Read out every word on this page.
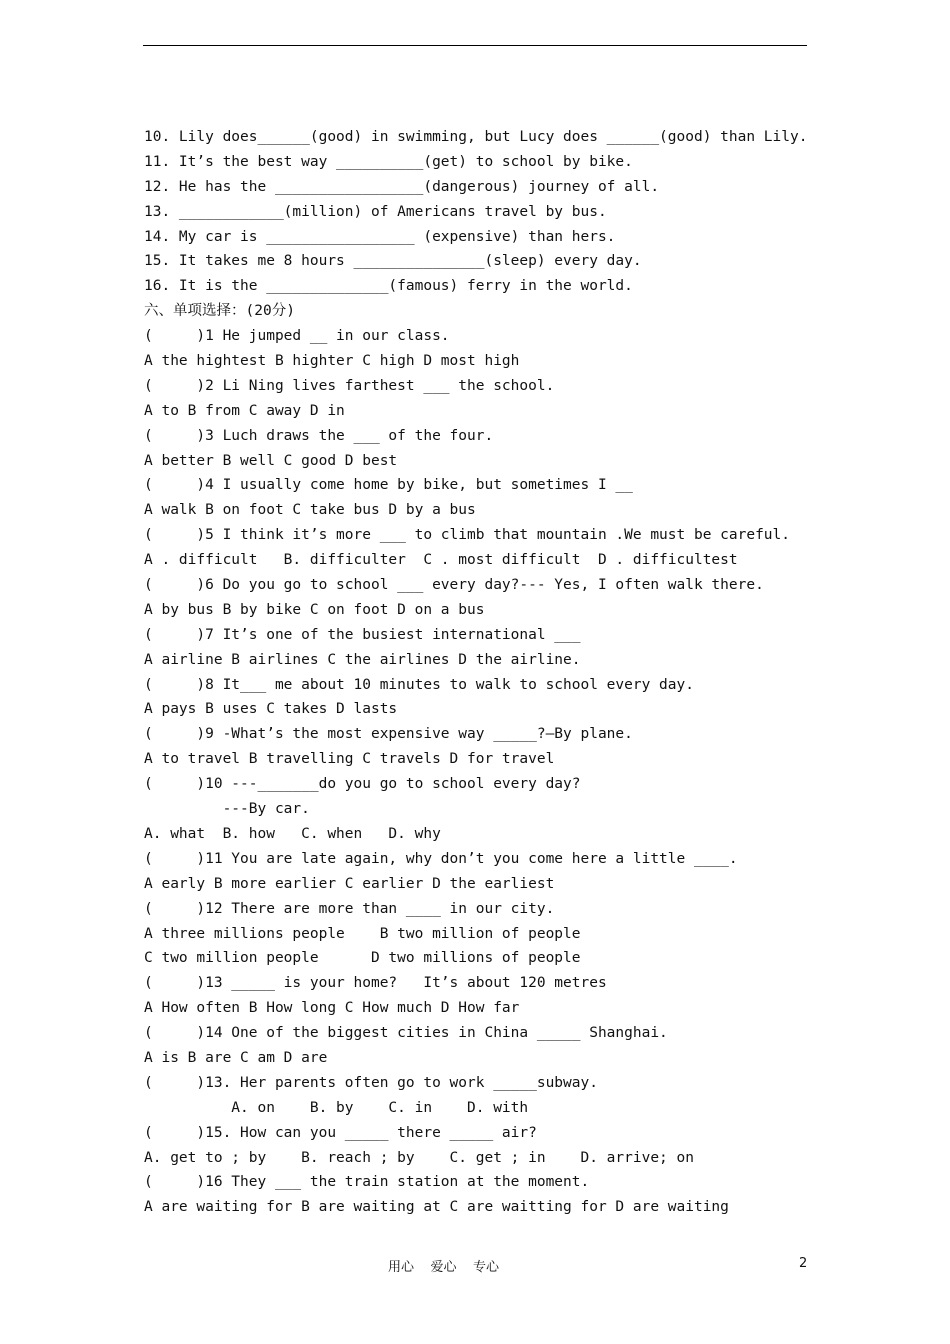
10. Lily does______(good) in swimming, but Lucy does ______(good) than Lily.
11. It’s the best way __________(get) to school by bike.
12. He has the _________________(dangerous) journey of all.
13. ____________(million) of Americans travel by bus.
14. My car is _________________ (expensive) than hers.
15. It takes me 8 hours _______________(sleep) every day.
16. It is the ______________(famous) ferry in the world.
六、单项选择：(20分)
(     )1 He jumped __ in our class.
A the hightest B highter C high D most high
(     )2 Li Ning lives farthest ___ the school.
A to B from C away D in
(     )3 Luch draws the ___ of the four.
A better B well C good D best
(     )4 I usually come home by bike, but sometimes I __
A walk B on foot C take bus D by a bus
(     )5 I think it’s more ___ to climb that mountain .We must be careful.
A . difficult   B. difficulter  C . most difficult  D . difficultest
(     )6 Do you go to school ___ every day?--- Yes, I often walk there.
A by bus B by bike C on foot D on a bus
(     )7 It’s one of the busiest international ___
A airline B airlines C the airlines D the airline.
(     )8 It___ me about 10 minutes to walk to school every day.
A pays B uses C takes D lasts
(     )9 -What’s the most expensive way _____?—By plane.
A to travel B travelling C travels D for travel
(     )10 ---_______do you go to school every day?
---By car.
A. what  B. how   C. when   D. why
(     )11 You are late again, why don’t you come here a little ____.
A early B more earlier C earlier D the earliest
(     )12 There are more than ____ in our city.
A three millions people    B two million of people
C two million people      D two millions of people
(     )13 _____ is your home?   It’s about 120 metres
A How often B How long C How much D How far
(     )14 One of the biggest cities in China _____ Shanghai.
A is B are C am D are
(     )13. Her parents often go to work _____subway.
A. on    B. by    C. in    D. with
(     )15. How can you _____ there _____ air?
A. get to ; by    B. reach ; by    C. get ; in    D. arrive; on
(     )16 They ___ the train station at the moment.
A are waiting for B are waiting at C are waitting for D are waiting
用心    爱心    专心	2
